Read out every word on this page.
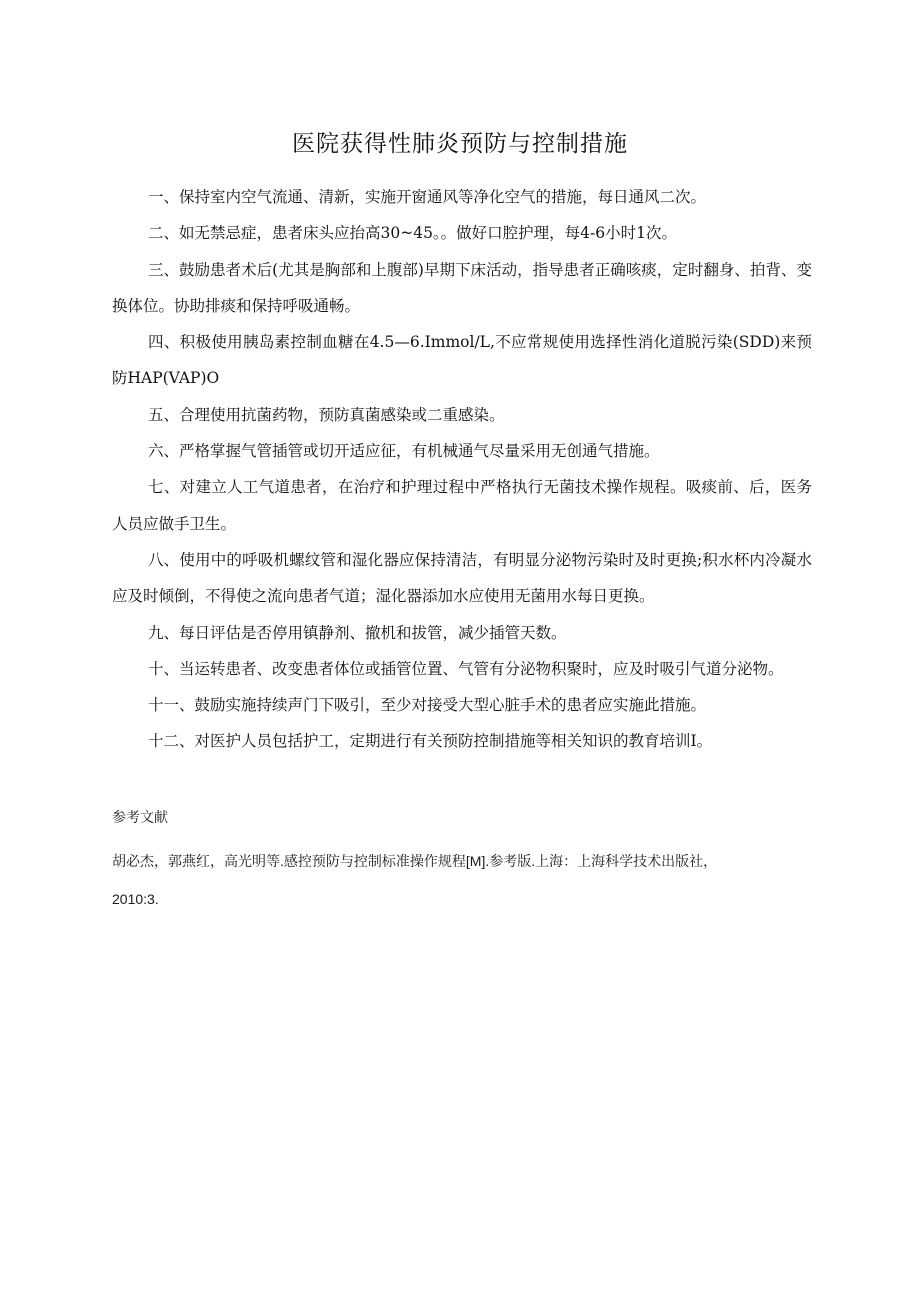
医院获得性肺炎预防与控制措施

一、保持室内空气流通、清新，实施开窗通风等净化空气的措施，每日通风二次。

二、如无禁忌症，患者床头应抬高30~45。。做好口腔护理，每4-6小时1次。

三、鼓励患者术后(尤其是胸部和上腹部)早期下床活动，指导患者正确咳痰，定时翻身、拍背、变换体位。协助排痰和保持呼吸通畅。

四、积极使用胰岛素控制血糖在4.5—6.Immol/L,不应常规使用选择性消化道脱污染(SDD)来预防HAP(VAP)O

五、合理使用抗菌药物，预防真菌感染或二重感染。

六、严格掌握气管插管或切开适应征，有机械通气尽量采用无创通气措施。

七、对建立人工气道患者，在治疗和护理过程中严格执行无菌技术操作规程。吸痰前、后，医务人员应做手卫生。

八、使用中的呼吸机螺纹管和湿化器应保持清洁，有明显分泌物污染时及时更换;积水杯内冷凝水应及时倾倒，不得使之流向患者气道；湿化器添加水应使用无菌用水每日更换。

九、每日评估是否停用镇静剂、撤机和拔管，减少插管天数。

十、当运转患者、改变患者体位或插管位置、气管有分泌物积聚时，应及时吸引气道分泌物。

十一、鼓励实施持续声门下吸引，至少对接受大型心脏手术的患者应实施此措施。

十二、对医护人员包括护工，定期进行有关预防控制措施等相关知识的教育培训I。

参考文献

胡必杰，郭燕红，高光明等.感控预防与控制标准操作规程[M].参考版.上海：上海科学技术出版社，

2010:3.
